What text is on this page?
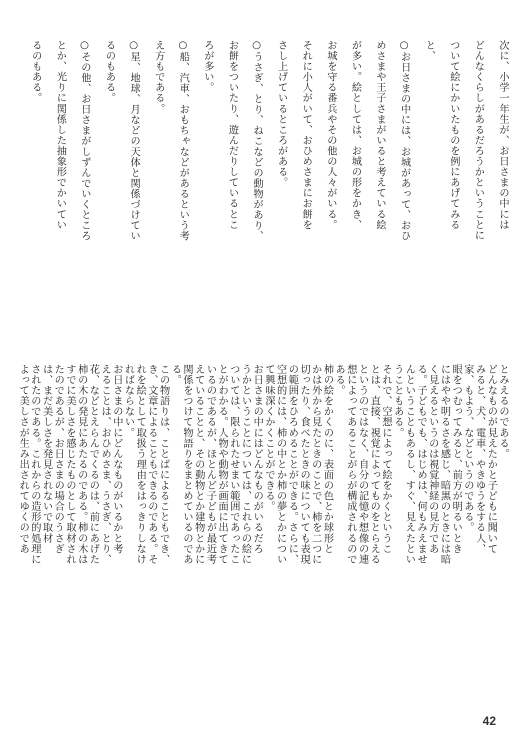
次に、小学一年生が、お日さまの中には
どんなくらしがあるだろうかということに
ついて絵にかいたものを例にあげてみる
と、
○お日さまの中には、お城があって、おひ
めさまや王子さまがいると考えている絵
が多い。絵としては、お城の形をかき、
お城を守る番兵やその他の人々がいる。
それに小人がいて、おひめさまにお餅を
さし上げているところがある。
○うさぎ、とり、ねこなどの動物があり、
お餅をついたり、遊んだりしているとこ
ろが多い。
○船、汽車、おもちゃなどがあるという考
え方もである。
○星、地球、月などの天体と関係づけてい
るのもある。
○その他、お日さまがしずんでいくところ
とか、光りに関係した抽象形でかいてい
るのもある。
とみえるのである。
どんなものが見えたかと子どもに聞いて
みると、犬、電車、やきゆうをする人、
家、もよう、などというのである。
眼をつむってみると、前方が明るいとき
にはやや明るさを感じ、暗黒のときには暗
く見えるというのは視覚神経の見方であ
る。子どもでも、はじめは、何もみえませ
んということもあるし、すぐ、見えたとい
うこともある。
それで、空想によって絵をかくというこ
とは、直接、視覚によってものをとらえる
というのではなく、自分の記憶や想像の連
想によってあることがらが構成されるので
ある。
柿の絵をかくのに、表面の色とか球形と
かは外から見たときのことで、柿を二つに
切ったり、食べたときの味についても表現
の範囲をひろめることができる。さらに、
空想的には、柿の中とか柿の夢とかについ
て興味深くかくことができる。
お日さまの中にはどんなものがいるだろ
うかということについては、これらの絵に
ついては、限られたせまい範囲であったこ
とがわかる。人物や動物が画面に出てきて
いるのであるが、ほとんど子どもが最近考
えていることと、その動物とか建物とかに
関係をつけて物語りをまとめているのであ
る。
この物語りは、ことばによることもでき、
き、文章によることもできるのである。そ
れを絵として取扱う理由をはっきりしなけ
ればならない。
お日さまの中にどんなものがいるかと考
えることは、おひめさま、うさぎ、とり、
花、などとえらんでくるのは、前にあげた
柿の木の発見にあたるのである。柿の木は
すでに美しさを感じたものとして取材され
たのであるが、お日さまの場合のうさぎ
は、まだ美しさを発見されないで取材
されたのである。これからの造形的処理に
よって美しさが生み出されてゆくのであ
42
